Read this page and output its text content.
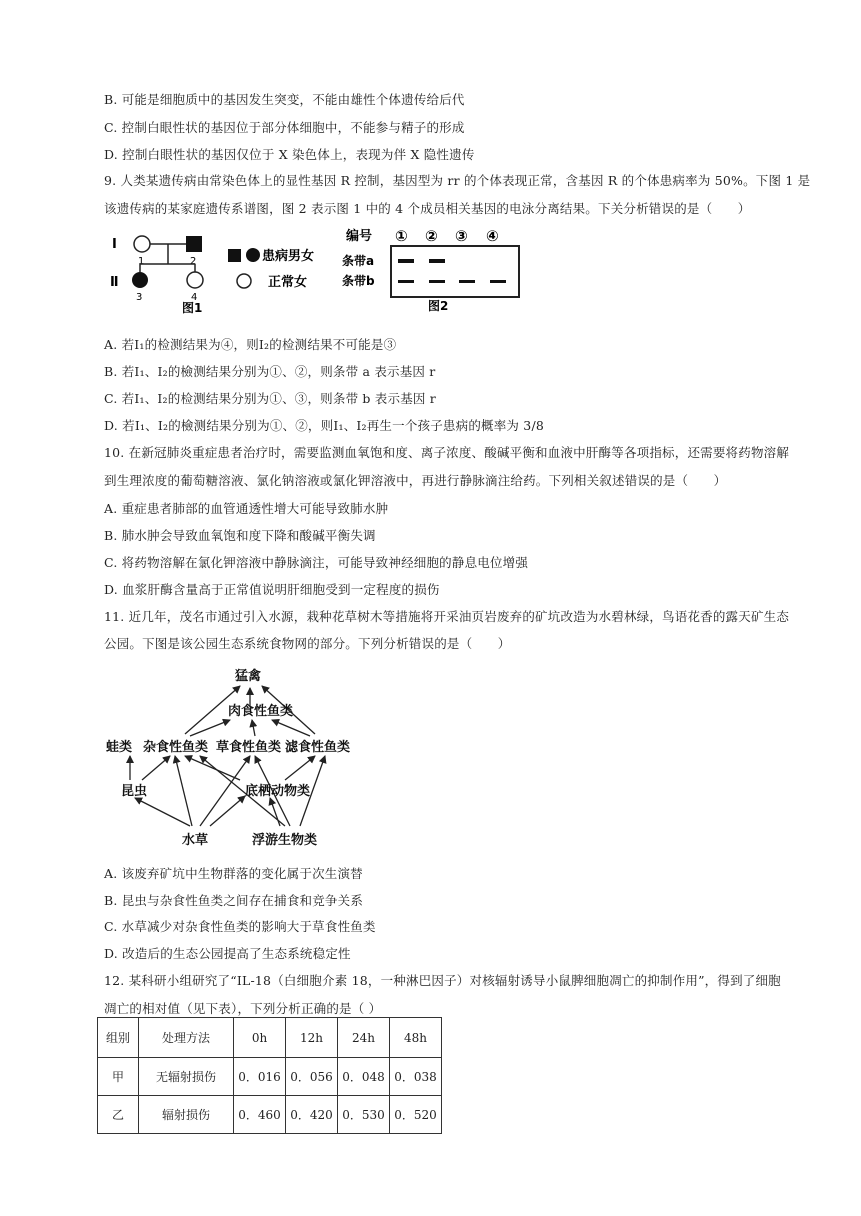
B. 可能是细胞质中的基因发生突变，不能由雄性个体遗传给后代
C. 控制白眼性状的基因位于部分体细胞中，不能参与精子的形成
D. 控制白眼性状的基因仅位于 X 染色体上，表现为伴 X 隐性遗传
9. 人类某遗传病由常染色体上的显性基因 R 控制，基因型为 rr 的个体表现正常，含基因 R 的个体患病率为 50%。下图 1 是
该遗传病的某家庭遗传系谱图，图 2 表示图 1 中的 4 个成员相关基因的电泳分离结果。下关分析错误的是（　　）
Ⅰ
Ⅱ
1	2
3	4
图1
患病男女
正常女
编号 ① ② ③ ④
条带a
条带b
图2
A. 若Ⅰ₁的检测结果为④，则Ⅰ₂的检测结果不可能是③
B. 若Ⅰ₁、Ⅰ₂的檢测结果分别为①、②，则条带 a 表示基因 r
C. 若Ⅰ₁、Ⅰ₂的检测结果分别为①、③，则条带 b 表示基因 r
D. 若Ⅰ₁、Ⅰ₂的檢测结果分别为①、②，则Ⅰ₁、Ⅰ₂再生一个孩子患病的概率为 3/8
10. 在新冠肺炎重症患者治疗时，需要监测血氧饱和度、离子浓度、酸碱平衡和血液中肝酶等各项指标，还需要将药物溶解
到生理浓度的葡萄糖溶液、氯化钠溶液或氯化钾溶液中，再进行静脉滴注给药。下列相关叙述错误的是（　　）
A. 重症患者肺部的血管通透性增大可能导致肺水肿
B. 肺水肿会导致血氧饱和度下降和酸碱平衡失调
C. 将药物溶解在氯化钾溶液中静脉滴注，可能导致神经细胞的静息电位增强
D. 血浆肝酶含量高于正常值说明肝细胞受到一定程度的损伤
11. 近几年，茂名市通过引入水源，栽种花草树木等措施将开采油页岩废弃的矿坑改造为水碧林绿，鸟语花香的露天矿生态
公园。下图是该公园生态系统食物网的部分。下列分析错误的是（　　）
猛禽
肉食性鱼类
蛙类 杂食性鱼类 草食性鱼类 滤食性鱼类
昆虫	底栖动物类
水草	浮游生物类
A. 该废弃矿坑中生物群落的变化属于次生演替
B. 昆虫与杂食性鱼类之间存在捕食和竞争关系
C. 水草减少对杂食性鱼类的影响大于草食性鱼类
D. 改造后的生态公园提高了生态系统稳定性
12. 某科研小组研究了“IL-18（白细胞介素 18，一种淋巴因子）对核辐射诱导小鼠脾细胞凋亡的抑制作用”，得到了细胞
凋亡的相对值（见下表），下列分析正确的是（ ）
组别	处理方法	0h	12h	24h	48h
甲	无辐射损伤	0．016	0．056	0．048	0．038
乙	辐射损伤	0．460	0．420	0．530	0．520
